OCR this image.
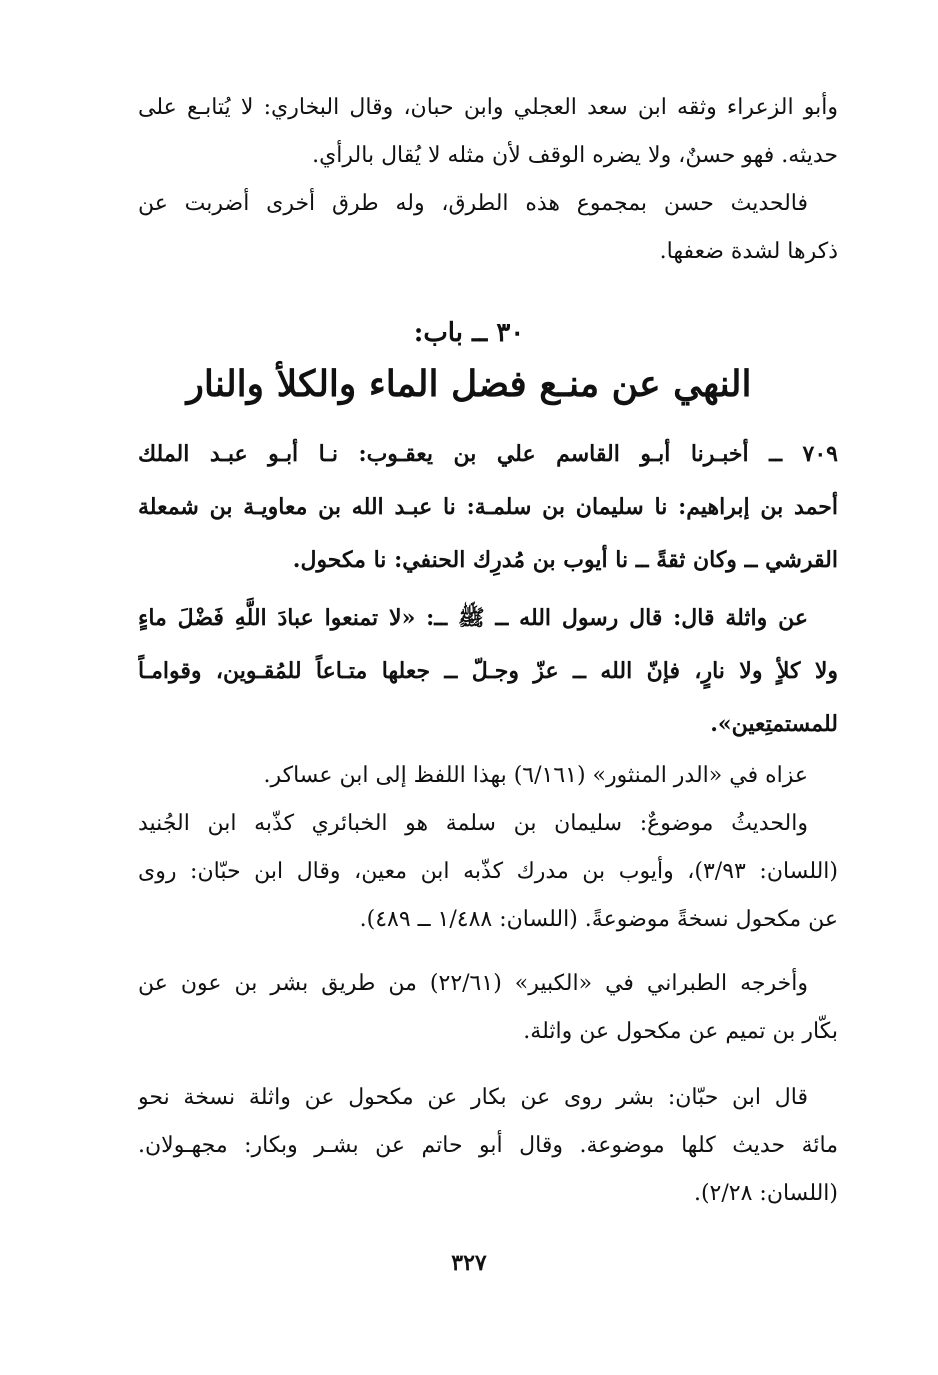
وأبو الزعراء وثقه ابن سعد العجلي وابن حبان، وقال البخاري: لا يُتابـع على
حديثه. فهو حسنٌ، ولا يضره الوقف لأن مثله لا يُقال بالرأي.
فالحديث حسن بمجموع هذه الطرق، وله طرق أخرى أضربت عن
ذكرها لشدة ضعفها.
٣٠ ــ باب:
النهي عن منـع فضل الماء والكلأ والنار
٧٠٩ ــ أخبـرنا أبـو القاسم علي بن يعقـوب: نـا أبـو عبـد الملك
أحمد بن إبراهيم: نا سليمان بن سلمـة: نا عبـد الله بن معاويـة بن شمعلة
القرشي ــ وكان ثقةً ــ نا أيوب بن مُدرِك الحنفي: نا مكحول.
عن واثلة قال: قال رسول الله ــ ﷺ ــ: «لا تمنعوا عبادَ اللَّهِ فَضْلَ ماءٍ
ولا كلأٍ ولا نارٍ، فإنّ الله ــ عزّ وجـلّ ــ جعلها متـاعاً للمُقـوين، وقوامـاً
للمستمتِعين».
عزاه في «الدر المنثور» (٦/١٦١) بهذا اللفظ إلى ابن عساكر.
والحديثُ موضوعٌ: سليمان بن سلمة هو الخبائري كذّبه ابن الجُنيد
(اللسان: ٣/٩٣)، وأيوب بن مدرك كذّبه ابن معين، وقال ابن حبّان: روى
عن مكحول نسخةً موضوعةً. (اللسان: ١/٤٨٨ ــ ٤٨٩).
وأخرجه الطبراني في «الكبير» (٢٢/٦١) من طريق بشر بن عون عن
بكّار بن تميم عن مكحول عن واثلة.
قال ابن حبّان: بشر روى عن بكار عن مكحول عن واثلة نسخة نحو
مائة حديث كلها موضوعة. وقال أبو حاتم عن بشـر وبكار: مجهـولان.
(اللسان: ٢/٢٨).
٣٢٧
